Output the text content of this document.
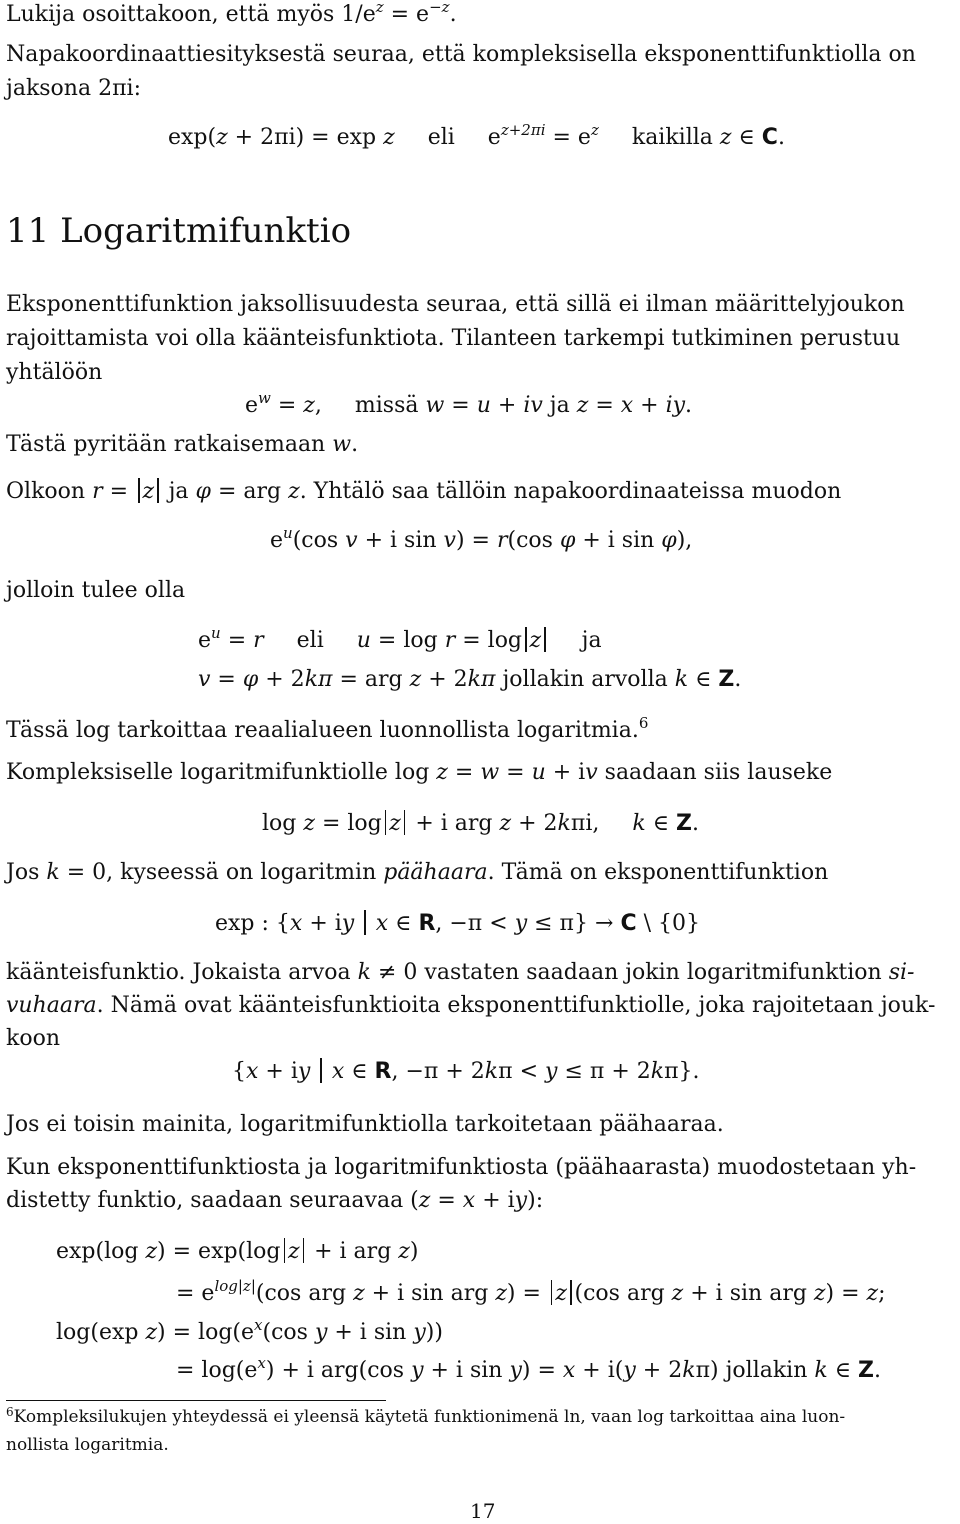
Lukija osoittakoon, että myös $1/e^z = e^{-z}$.
Napakoordinaattiesityksestä seuraa, että kompleksisella eksponenttifunktiolla on
jaksona 2πi:
exp(z + 2πi) = exp z eli $e^{z+2\pi i} = e^z$ kaikilla z ∈ C.
11 Logaritmifunktio
Eksponenttifunktion jaksollisuudesta seuraa, että sillä ei ilman määrittelyjoukon
rajoittamista voi olla käänteisfunktiota. Tilanteen tarkempi tutkiminen perustuu
yhtälöön
$e^w = z$, missä w = u + iv ja z = x + iy.
Tästä pyritään ratkaisemaan w.
Olkoon r = z ja φ = arg z. Yhtälö saa tällöin napakoordinaateissa muodon
$e^u(\cos$ v + i sin v) = r(cos φ + i sin φ),
jolloin tulee olla
$e^u = r$ eli u = log r = log z ja
v = φ + 2kπ = arg z + 2kπ jollakin arvolla k ∈ Z.
Tässä log tarkoittaa reaalialueen luonnollista logaritmia.$^6$
Kompleksiselle logaritmifunktiolle log z = w = u + iv saadaan siis lauseke
log z = log z + i arg z + 2kπi, k ∈ Z.
Jos k = 0, kyseessä on logaritmin päähaara. Tämä on eksponenttifunktion
exp : {x + iy x ∈ R, −π < y ≤ π} → C \ {0}
käänteisfunktio. Jokaista arvoa k ≠ 0 vastaten saadaan jokin logaritmifunktion si-
vuhaara. Nämä ovat käänteisfunktioita eksponenttifunktiolle, joka rajoitetaan jouk-
koon
{x + iy x ∈ R, −π + 2kπ < y ≤ π + 2kπ}.
Jos ei toisin mainita, logaritmifunktiolla tarkoitetaan päähaaraa.
Kun eksponenttifunktiosta ja logaritmifunktiosta (päähaarasta) muodostetaan yh-
distetty funktio, saadaan seuraavaa (z = x + iy):
exp(log z) = exp(log z + i arg z)
= $e^{log|z|}(\cos$ arg z + i sin arg z) = z (cos arg z + i sin arg z) = z;
log(exp $z) = \log(e^x(\cos$ y + i sin y))
= $\log(e^x) + i$ arg(cos y + i sin y) = x + i(y + 2kπ) jollakin k ∈ Z.
$^6$Kompleksilukujen yhteydessä ei yleensä käytetä funktionimenä ln, vaan log tarkoittaa aina luon-
nollista logaritmia.
17
